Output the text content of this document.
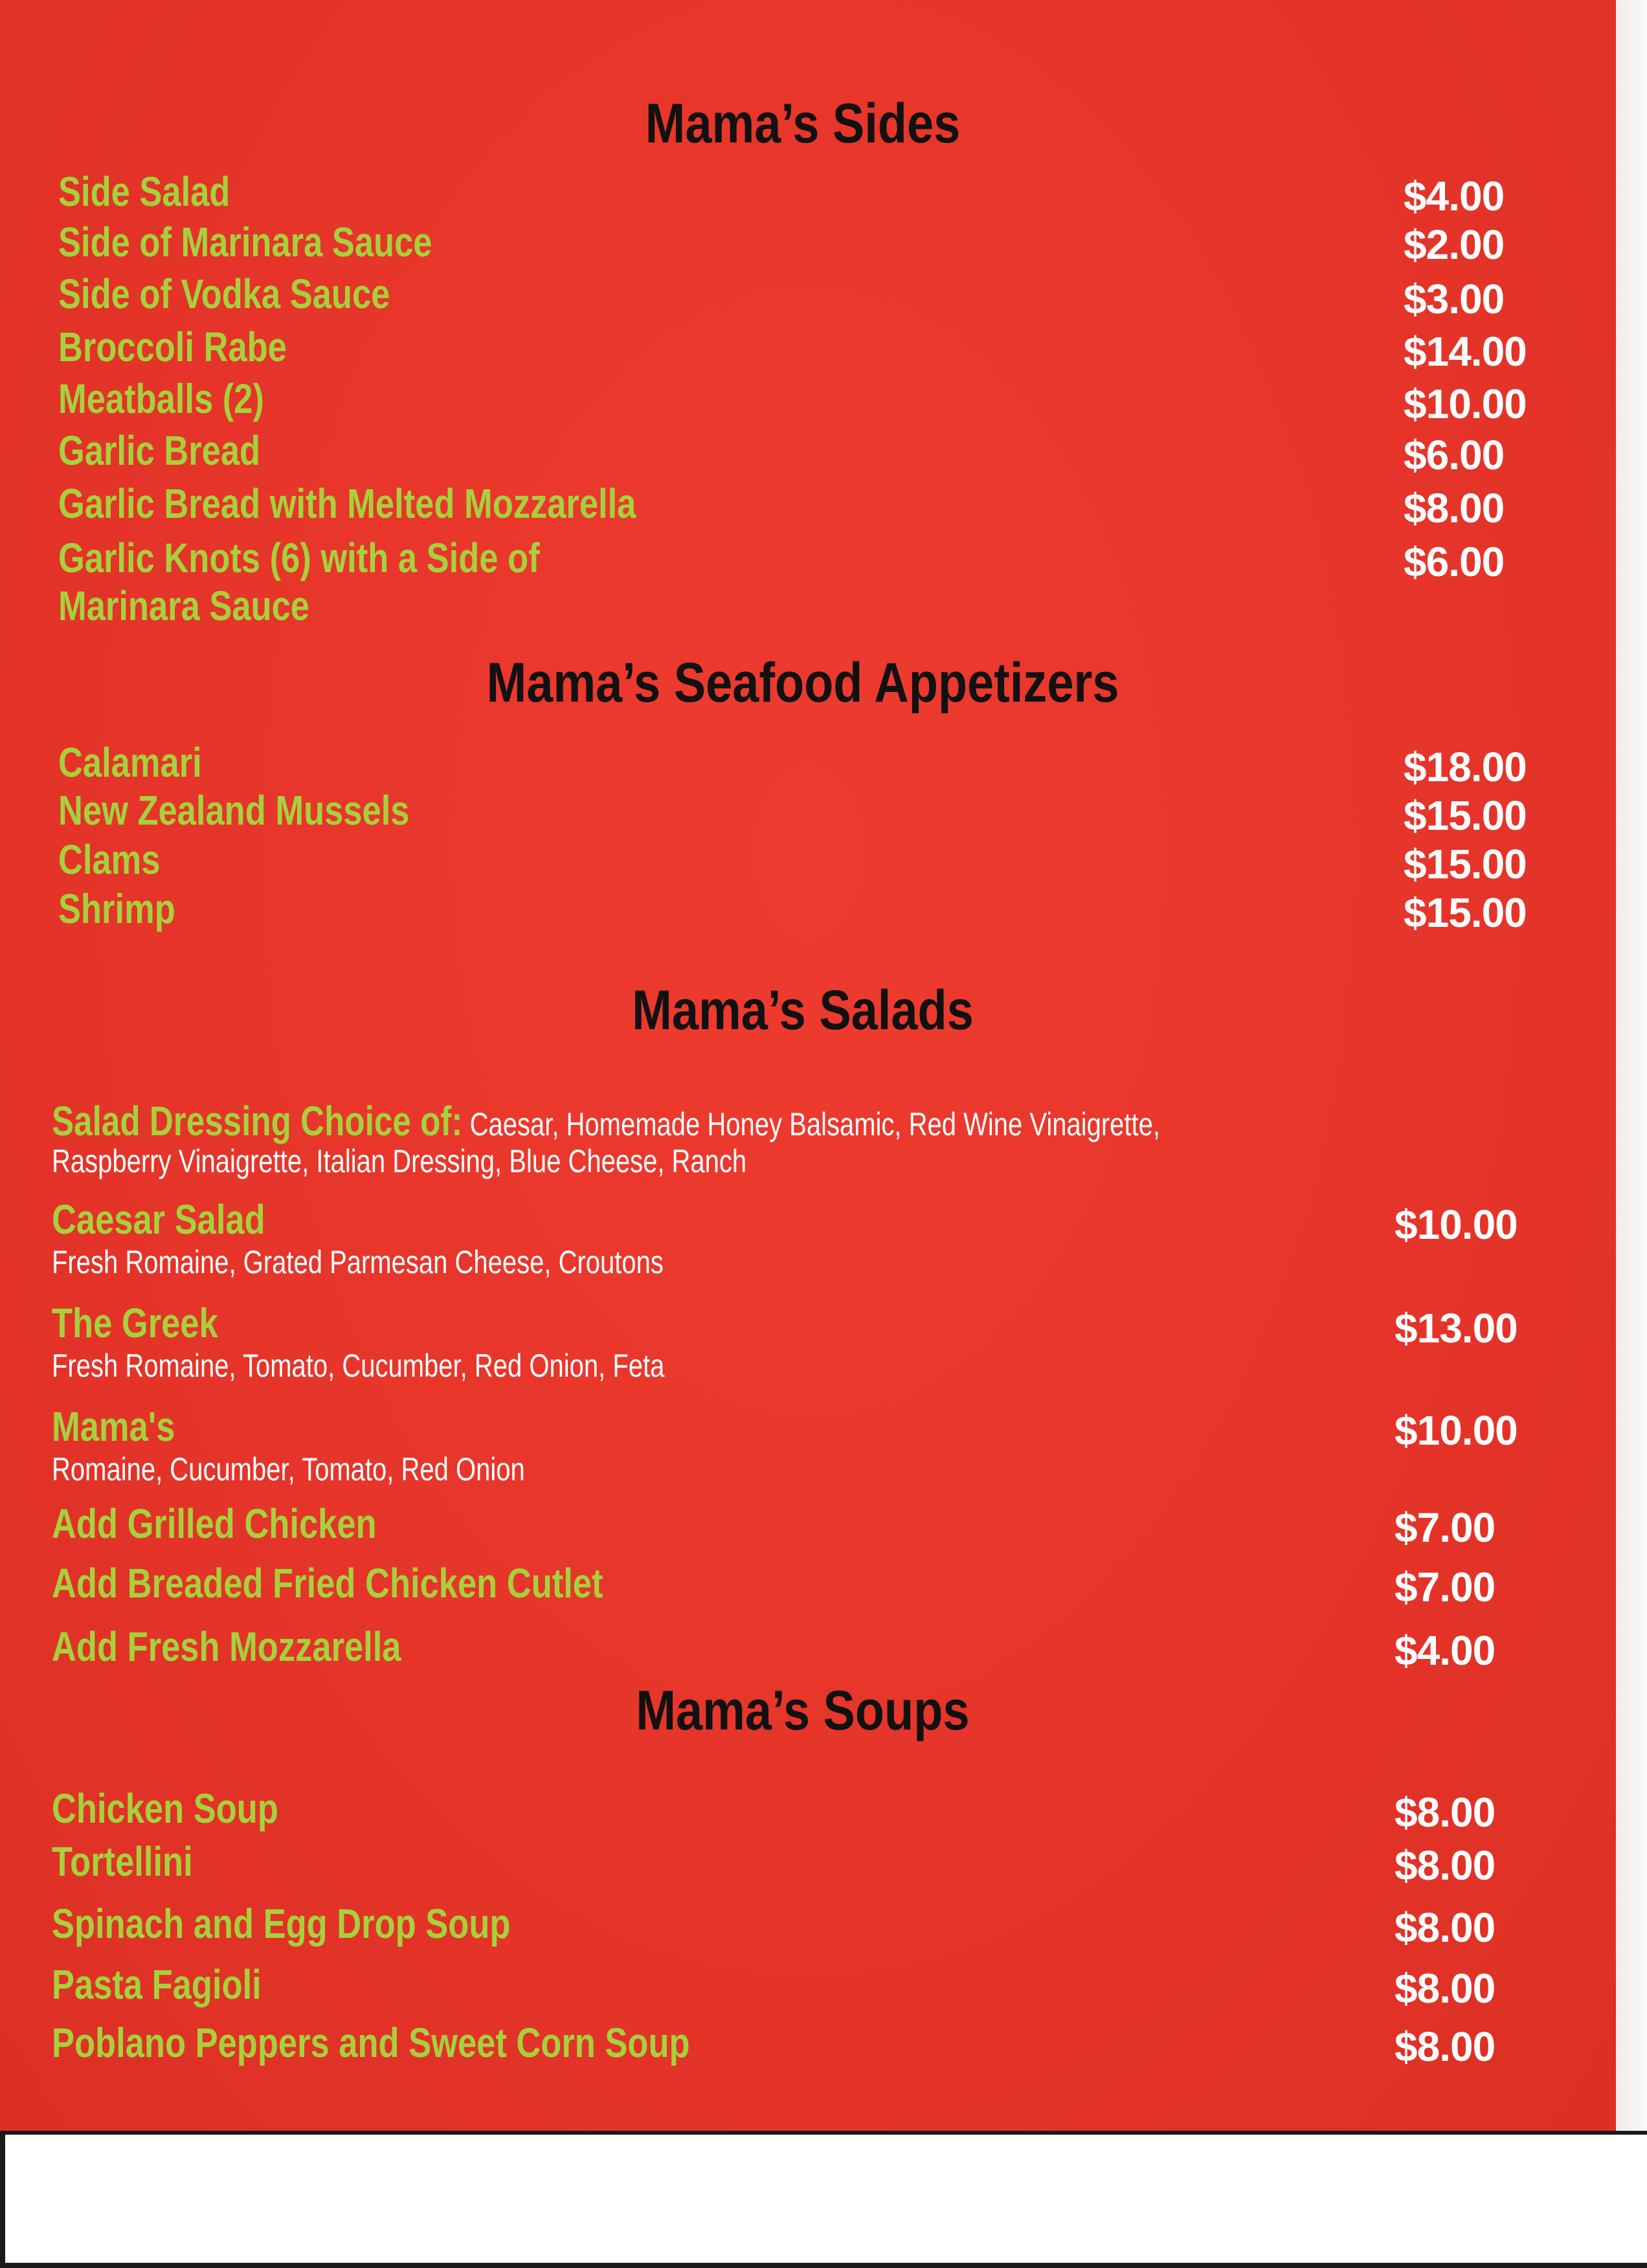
Mama’s Sides
Side Salad	$4.00
Side of Marinara Sauce	$2.00
Side of Vodka Sauce	$3.00
Broccoli Rabe	$14.00
Meatballs (2)	$10.00
Garlic Bread	$6.00
Garlic Bread with Melted Mozzarella	$8.00
Garlic Knots (6) with a Side of
Marinara Sauce
$6.00
Mama’s Seafood Appetizers
Calamari	$18.00
New Zealand Mussels	$15.00
Clams	$15.00
Shrimp	$15.00
Mama’s Salads
Salad Dressing Choice of: Caesar, Homemade Honey Balsamic, Red Wine Vinaigrette,
Raspberry Vinaigrette, Italian Dressing, Blue Cheese, Ranch
Caesar Salad
Fresh Romaine, Grated Parmesan Cheese, Croutons
$10.00
The Greek
Fresh Romaine, Tomato, Cucumber, Red Onion, Feta
$13.00
Mama's
Romaine, Cucumber, Tomato, Red Onion
$10.00
Add Grilled Chicken	$7.00
Add Breaded Fried Chicken Cutlet	$7.00
Add Fresh Mozzarella	$4.00
Mama’s Soups
Chicken Soup	$8.00
Tortellini	$8.00
Spinach and Egg Drop Soup	$8.00
Pasta Fagioli	$8.00
Poblano Peppers and Sweet Corn Soup	$8.00
